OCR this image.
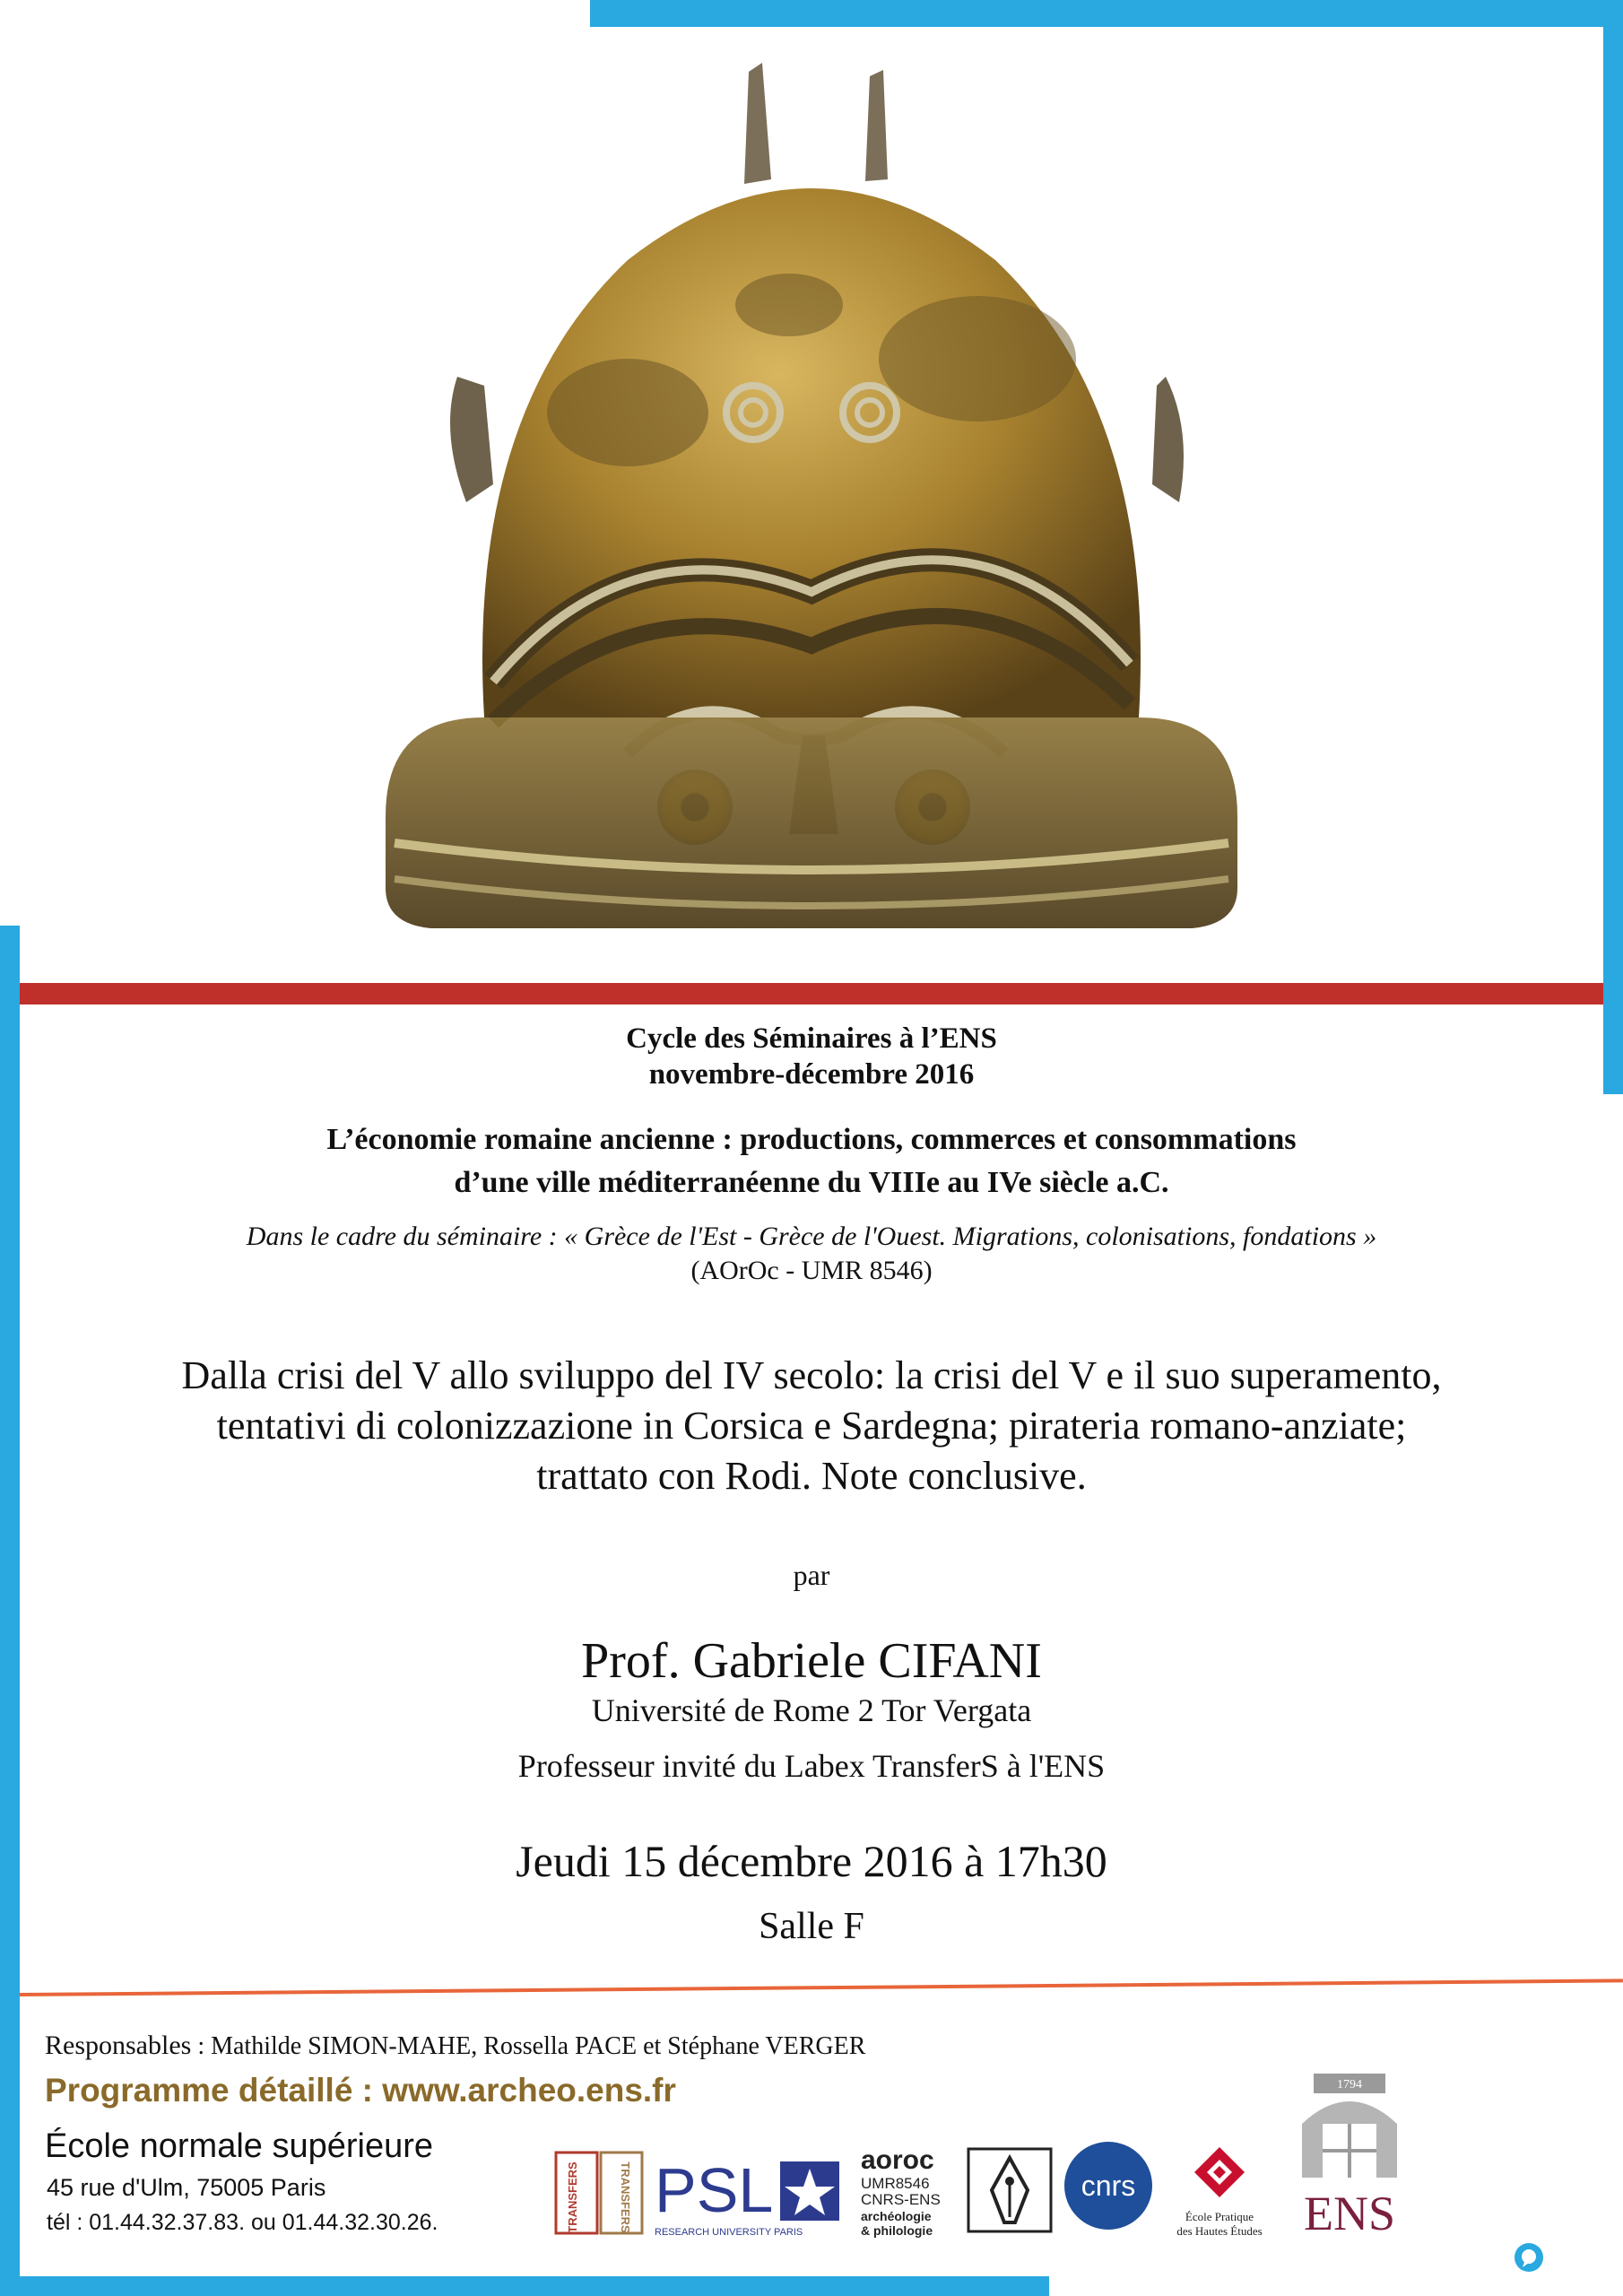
Cycle des Séminaires à l’ENS
novembre-décembre 2016
L’économie romaine ancienne : productions, commerces et consommations
d’une ville méditerranéenne du VIIIe au IVe siècle a.C.
Dans le cadre du séminaire : « Grèce de l'Est - Grèce de l'Ouest. Migrations, colonisations, fondations »
(AOrOc - UMR 8546)
Dalla crisi del V allo sviluppo del IV secolo: la crisi del V e il suo superamento,
tentativi di colonizzazione in Corsica e Sardegna; pirateria romano-anziate;
trattato con Rodi. Note conclusive.
par
Prof. Gabriele CIFANI
Université de Rome 2 Tor Vergata
Professeur invité du Labex TransferS à l'ENS
Jeudi 15 décembre 2016 à 17h30
Salle F
Responsables : Mathilde SIMON-MAHE, Rossella PACE et Stéphane VERGER
Programme détaillé : www.archeo.ens.fr
École normale supérieure
45 rue d'Ulm, 75005 Paris
tél : 01.44.32.37.83. ou 01.44.32.30.26.	TRANSFERS	TRANSFERS PSL
RESEARCH UNIVERSITY PARIS
aoroc
UMR8546
CNRS-ENS
archéologie
& philologie
cnrs
École Pratique
des Hautes Études
1794
ENS
